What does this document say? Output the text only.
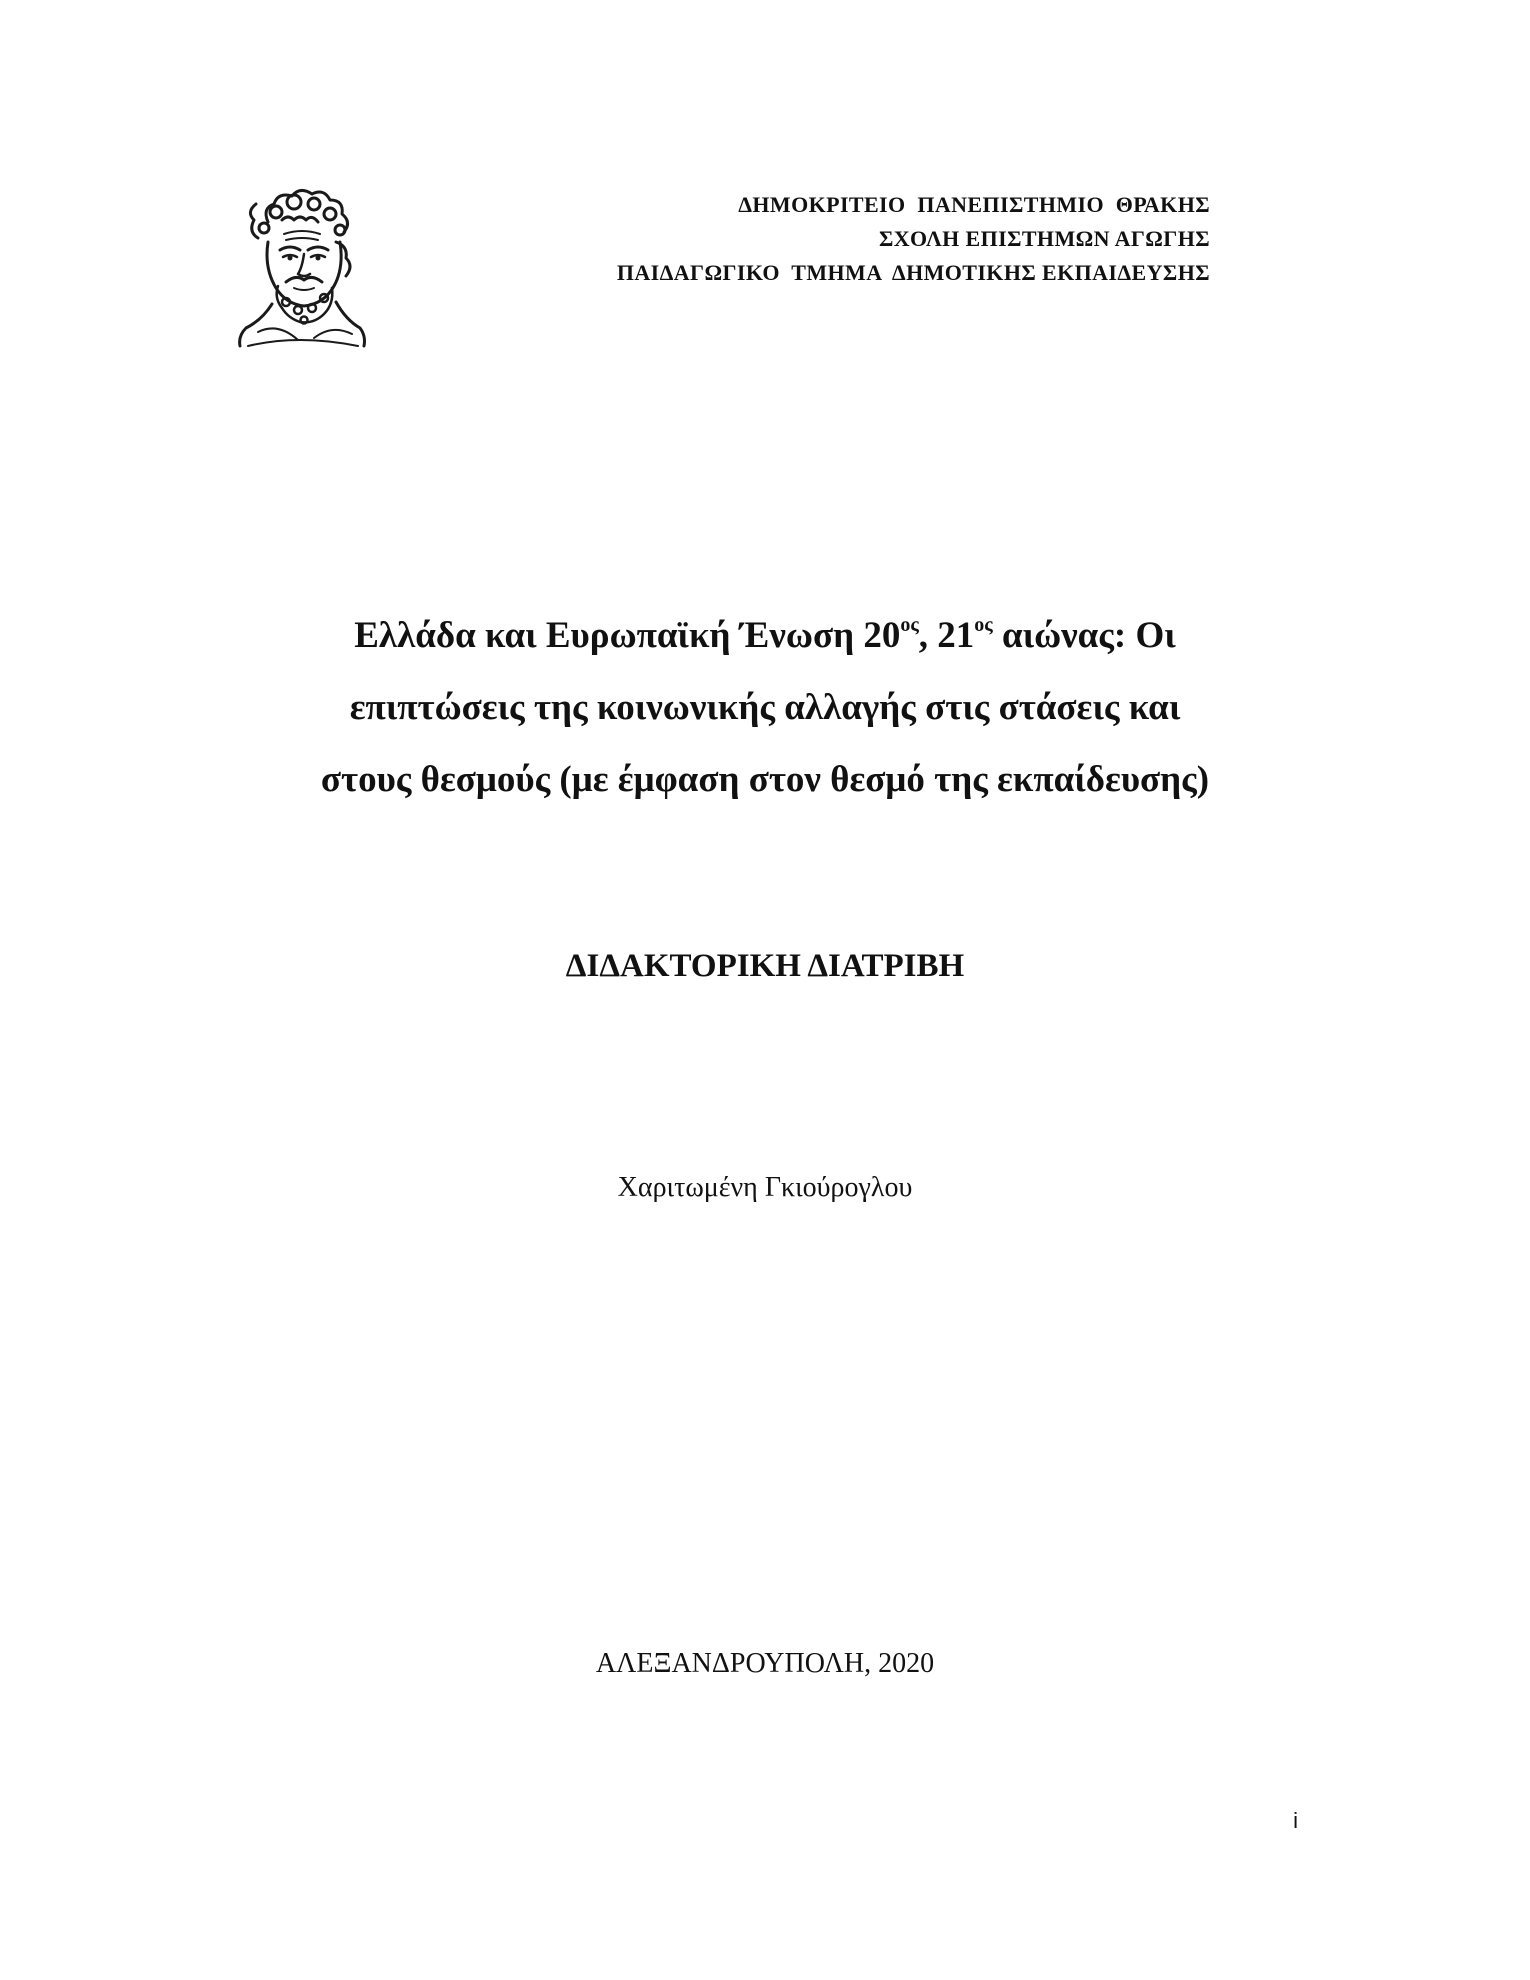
ΔΗΜΟΚΡΙΤΕΙΟ  ΠΑΝΕΠΙΣΤΗΜΙΟ  ΘΡΑΚΗΣ
ΣΧΟΛΗ ΕΠΙΣΤΗΜΩΝ ΑΓΩΓΗΣ
ΠΑΙΔΑΓΩΓΙΚΟ  ΤΜΗΜΑ  ΔΗΜΟΤΙΚΗΣ ΕΚΠΑΙΔΕΥΣΗΣ
Ελλάδα και Ευρωπαϊκή Ένωση $20^{o\varsigma}$, $21^{o\varsigma}$ αιώνας: Οι
επιπτώσεις της κοινωνικής αλλαγής στις στάσεις και
στους θεσμούς (με έμφαση στον θεσμό της εκπαίδευσης)
ΔΙΔΑΚΤΟΡΙΚΗ ΔΙΑΤΡΙΒΗ
Χαριτωμένη Γκιούρογλου
ΑΛΕΞΑΝΔΡΟΥΠΟΛΗ, 2020
i
